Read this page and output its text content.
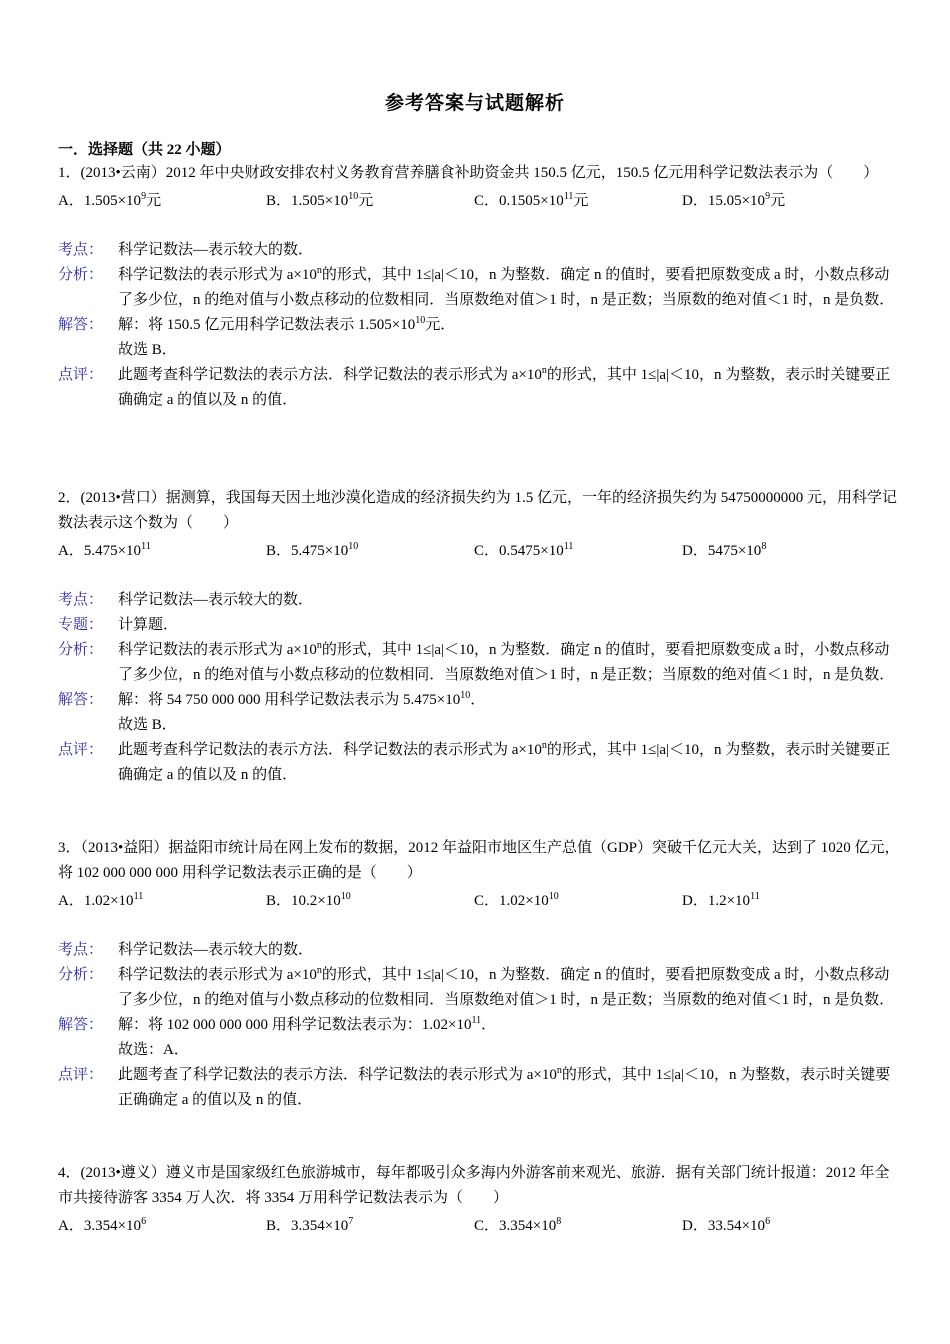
参考答案与试题解析
一．选择题（共 22 小题）

1．(2013•云南）2012 年中央财政安排农村义务教育营养膳食补助资金共 150.5 亿元，150.5 亿元用科学记数法表示为（　　）

A．$1.505\times 10^9$元	B．$1.505\times 10^{10}$元	C．$0.1505\times 10^{11}$元	D．$15.05\times 10^9$元
考点： 科学记数法—表示较大的数．
分析： 科学记数法的表示形式为 $a\times 10^n$的形式，其中 1≤|a|＜10，n 为整数．确定 n 的值时，要看把原数变成 a 时，小数点移动了多少位，n 的绝对值与小数点移动的位数相同．当原数绝对值＞1 时，n 是正数；当原数的绝对值＜1 时，n 是负数．
解答： 解：将 150.5 亿元用科学记数法表示 $1.505\times 10^{10}$元．
故选 B．
点评： 此题考查科学记数法的表示方法．科学记数法的表示形式为 $a\times 10^n$的形式，其中 1≤|a|＜10，n 为整数，表示时关键要正确确定 a 的值以及 n 的值．

2．(2013•营口）据测算，我国每天因土地沙漠化造成的经济损失约为 1.5 亿元，一年的经济损失约为 54750000000 元，用科学记数法表示这个数为（　　）

A．$5.475\times 10^{11}$	B．$5.475\times 10^{10}$	C．$0.5475\times 10^{11}$	D．$5475\times 10^8$
考点： 科学记数法—表示较大的数．
专题： 计算题．
分析： 科学记数法的表示形式为 $a\times 10^n$的形式，其中 1≤|a|＜10，n 为整数．确定 n 的值时，要看把原数变成 a 时，小数点移动了多少位，n 的绝对值与小数点移动的位数相同．当原数绝对值＞1 时，n 是正数；当原数的绝对值＜1 时，n 是负数．
解答： 解：将 54 750 000 000 用科学记数法表示为 $5.475\times 10^{10}$．
故选 B．
点评： 此题考查科学记数法的表示方法．科学记数法的表示形式为 $a\times 10^n$的形式，其中 1≤|a|＜10，n 为整数，表示时关键要正确确定 a 的值以及 n 的值．

3．（2013•益阳）据益阳市统计局在网上发布的数据，2012 年益阳市地区生产总值（GDP）突破千亿元大关，达到了 1020 亿元，将 102 000 000 000 用科学记数法表示正确的是（　　）

A．$1.02\times 10^{11}$	B．$10.2\times 10^{10}$	C．$1.02\times 10^{10}$	D．$1.2\times 10^{11}$
考点： 科学记数法—表示较大的数．
分析： 科学记数法的表示形式为 $a\times 10^n$的形式，其中 1≤|a|＜10，n 为整数．确定 n 的值时，要看把原数变成 a 时，小数点移动了多少位，n 的绝对值与小数点移动的位数相同．当原数绝对值＞1 时，n 是正数；当原数的绝对值＜1 时，n 是负数．
解答： 解：将 102 000 000 000 用科学记数法表示为：$1.02\times 10^{11}$．
故选：A．
点评： 此题考查了科学记数法的表示方法．科学记数法的表示形式为 $a\times 10^n$的形式，其中 1≤|a|＜10，n 为整数，表示时关键要正确确定 a 的值以及 n 的值．

4．(2013•遵义）遵义市是国家级红色旅游城市，每年都吸引众多海内外游客前来观光、旅游．据有关部门统计报道：2012 年全市共接待游客 3354 万人次．将 3354 万用科学记数法表示为（　　）

A．$3.354\times 10^6$	B．$3.354\times 10^7$	C．$3.354\times 10^8$	D．$33.54\times 10^6$
